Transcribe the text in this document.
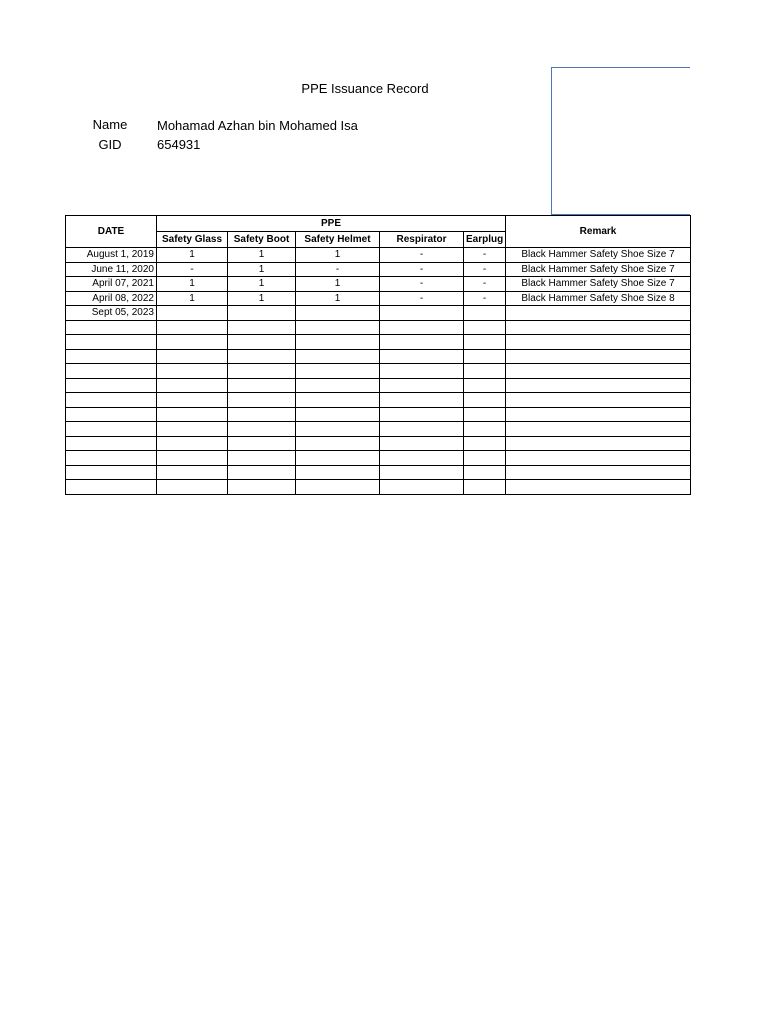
PPE Issuance Record
Name	Mohamad Azhan bin Mohamed Isa
GID	654931
DATE	PPE					Remark
	Safety Glass	Safety Boot	Safety Helmet	Respirator	Earplug	
August 1, 2019	1	1	1	-	-	Black Hammer Safety Shoe Size 7
June 11, 2020	-	1	-	-	-	Black Hammer Safety Shoe Size 7
April 07, 2021	1	1	1	-	-	Black Hammer Safety Shoe Size 7
April 08, 2022	1	1	1	-	-	Black Hammer Safety Shoe Size 8
Sept 05, 2023						
